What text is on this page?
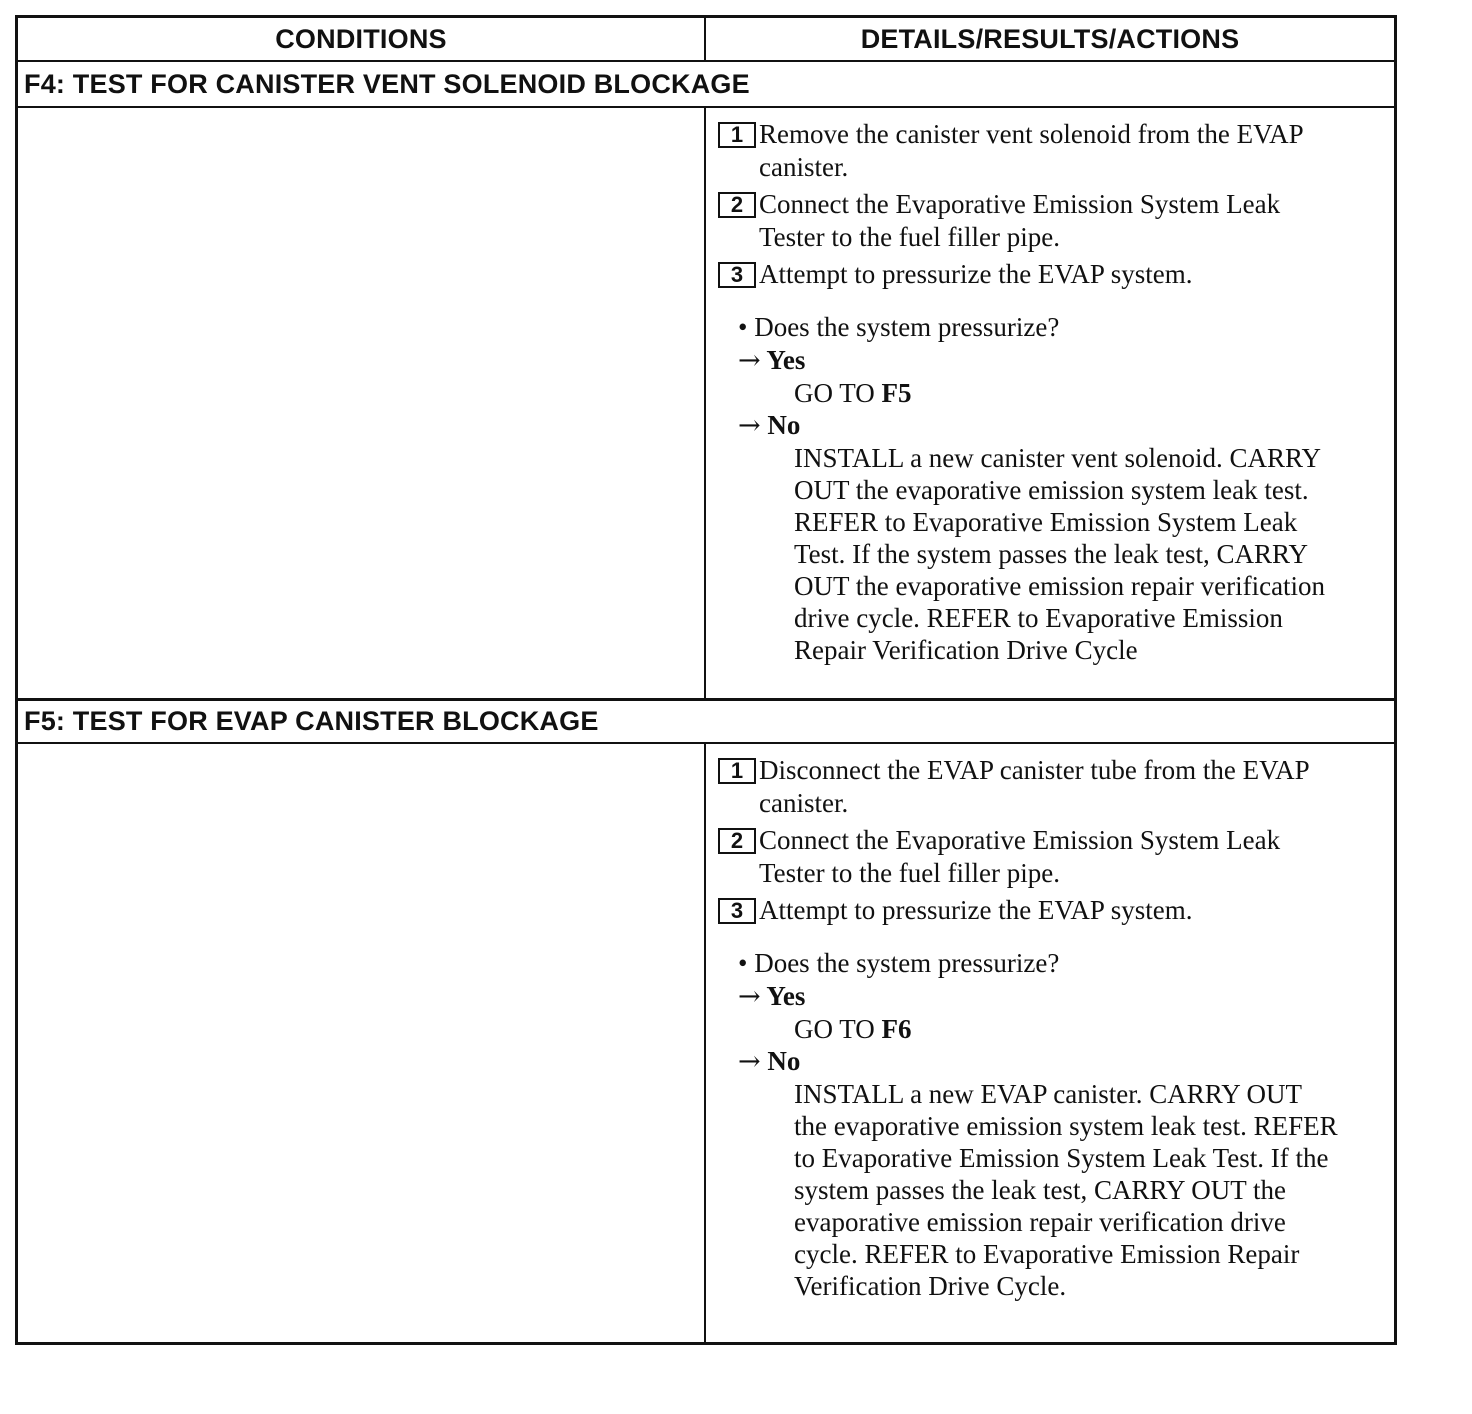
CONDITIONS	DETAILS/RESULTS/ACTIONS
F4: TEST FOR CANISTER VENT SOLENOID BLOCKAGE
1 Remove the canister vent solenoid from the EVAP
canister.
2 Connect the Evaporative Emission System Leak
Tester to the fuel filler pipe.
3 Attempt to pressurize the EVAP system.
• Does the system pressurize?
→ Yes
GO TO F5
→ No
INSTALL a new canister vent solenoid. CARRY
OUT the evaporative emission system leak test.
REFER to Evaporative Emission System Leak
Test. If the system passes the leak test, CARRY
OUT the evaporative emission repair verification
drive cycle. REFER to Evaporative Emission
Repair Verification Drive Cycle
F5: TEST FOR EVAP CANISTER BLOCKAGE
1 Disconnect the EVAP canister tube from the EVAP
canister.
2 Connect the Evaporative Emission System Leak
Tester to the fuel filler pipe.
3 Attempt to pressurize the EVAP system.
• Does the system pressurize?
→ Yes
GO TO F6
→ No
INSTALL a new EVAP canister. CARRY OUT
the evaporative emission system leak test. REFER
to Evaporative Emission System Leak Test. If the
system passes the leak test, CARRY OUT the
evaporative emission repair verification drive
cycle. REFER to Evaporative Emission Repair
Verification Drive Cycle.
